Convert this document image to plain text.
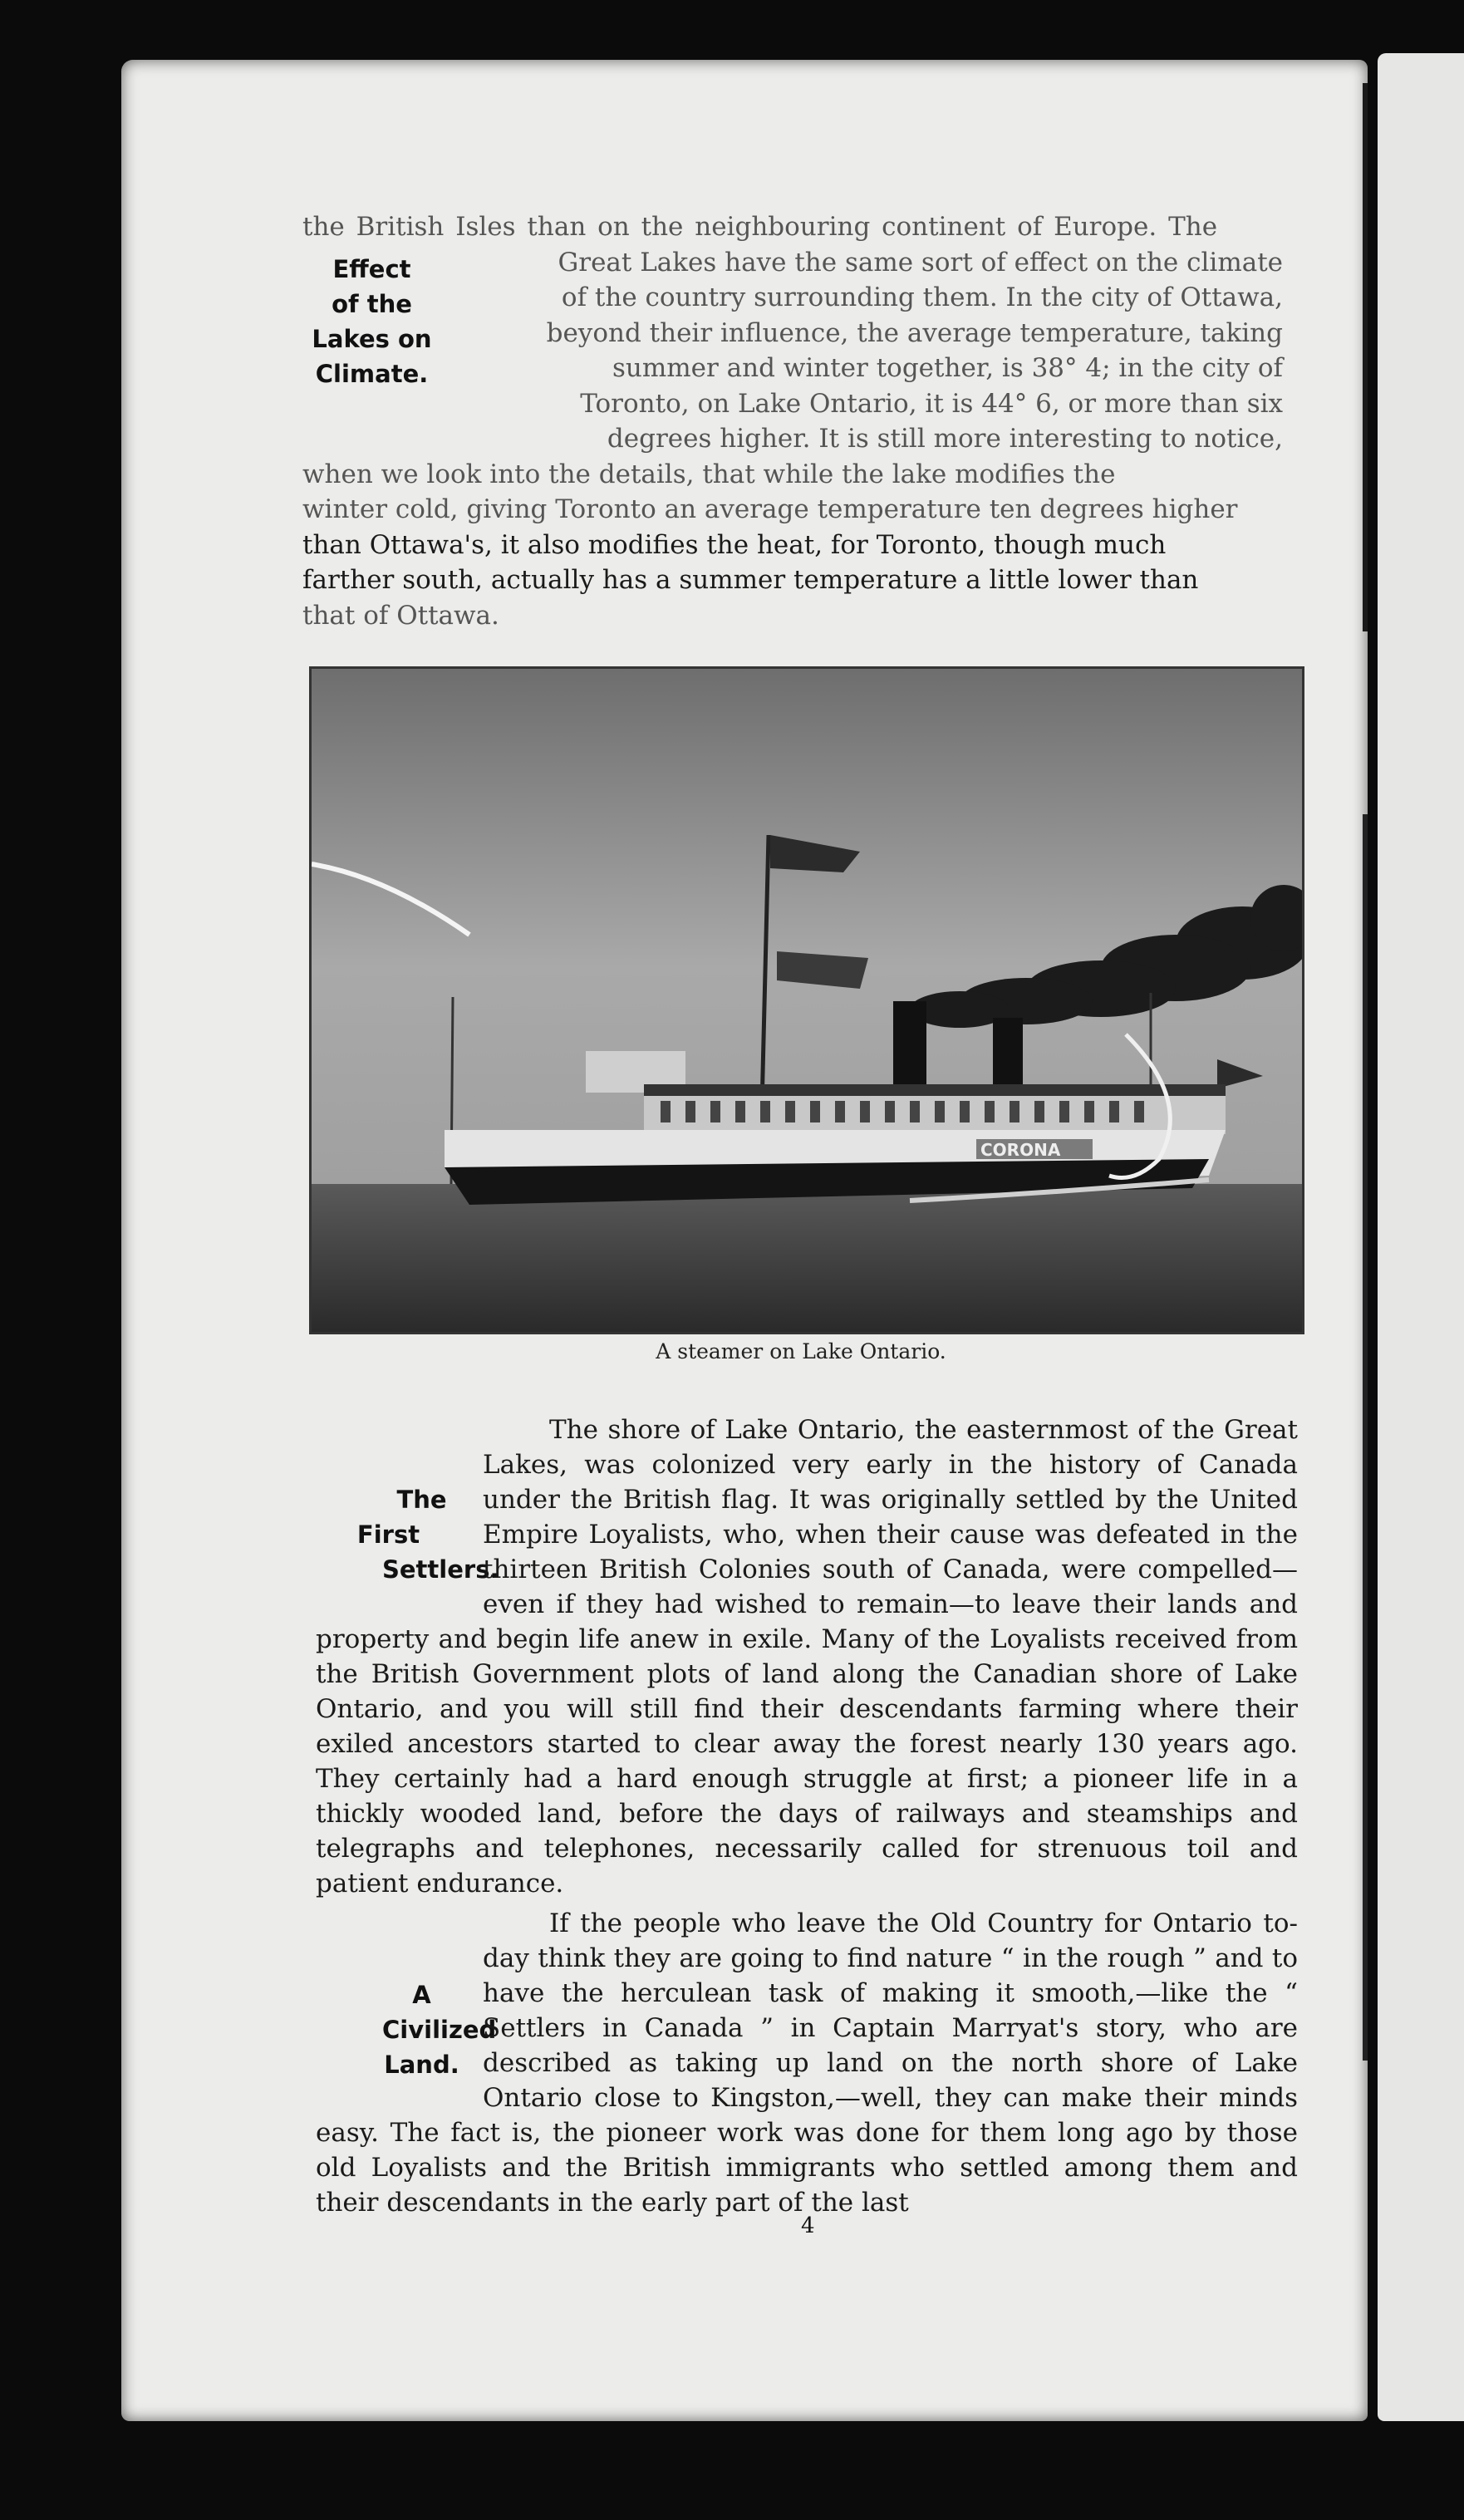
the British Isles than on the neighbouring continent of Europe. The
Effect
of the
Lakes on
Climate.
Great Lakes have the same sort of effect on the climate
of the country surrounding them. In the city of Ottawa,
beyond their influence, the average temperature, taking
summer and winter together, is 38° 4; in the city of
Toronto, on Lake Ontario, it is 44° 6, or more than six
degrees higher. It is still more interesting to notice,
when we look into the details, that while the lake modifies the
winter cold, giving Toronto an average temperature ten degrees higher
than Ottawa's, it also modifies the heat, for Toronto, though much
farther south, actually has a summer temperature a little lower than
that of Ottawa.
CORONA
A steamer on Lake Ontario.

The First
Settlers.
The shore of Lake Ontario, the easternmost of the Great Lakes, was colonized very early in the history of Canada under the British flag. It was originally settled by the United Empire Loyalists, who, when their cause was defeated in the thirteen British Colonies south of Canada, were compelled—even if they had wished to remain—to leave their lands and property and begin life anew in exile. Many of the Loyalists received from the British Government plots of land along the Canadian shore of Lake Ontario, and you will still find their descendants farming where their exiled ancestors started to clear away the forest nearly 130 years ago. They certainly had a hard enough struggle at first; a pioneer life in a thickly wooded land, before the days of railways and steamships and telegraphs and telephones, necessarily called for strenuous toil and patient endurance.

A
Civilized
Land.
If the people who leave the Old Country for Ontario to-day think they are going to find nature “ in the rough ” and to have the herculean task of making it smooth,—like the “ Settlers in Canada ” in Captain Marryat's story, who are described as taking up land on the north shore of Lake Ontario close to Kingston,—well, they can make their minds easy. The fact is, the pioneer work was done for them long ago by those old Loyalists and the British immigrants who settled among them and their descendants in the early part of the last

4
